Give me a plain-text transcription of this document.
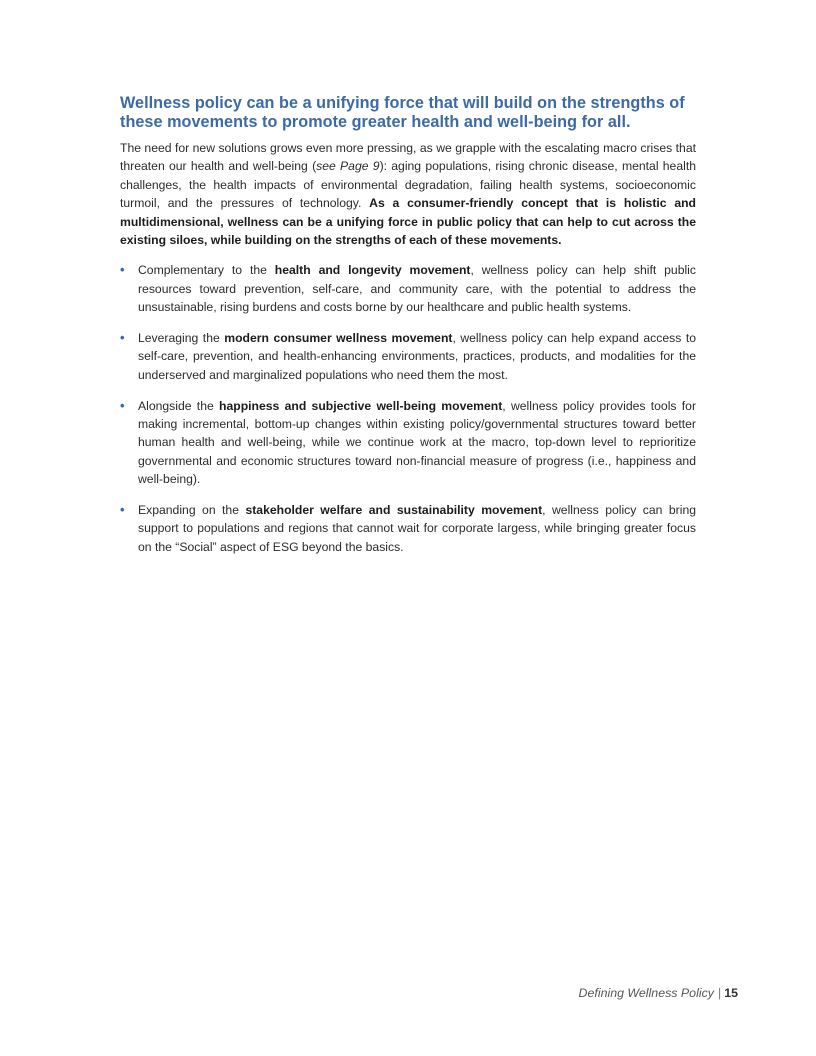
Wellness policy can be a unifying force that will build on the strengths of these movements to promote greater health and well-being for all.

The need for new solutions grows even more pressing, as we grapple with the escalating macro crises that threaten our health and well-being (see Page 9): aging populations, rising chronic disease, mental health challenges, the health impacts of environmental degradation, failing health systems, socioeconomic turmoil, and the pressures of technology. As a consumer-friendly concept that is holistic and multidimensional, wellness can be a unifying force in public policy that can help to cut across the existing siloes, while building on the strengths of each of these movements.

• Complementary to the health and longevity movement, wellness policy can help shift public resources toward prevention, self-care, and community care, with the potential to address the unsustainable, rising burdens and costs borne by our healthcare and public health systems.
• Leveraging the modern consumer wellness movement, wellness policy can help expand access to self-care, prevention, and health-enhancing environments, practices, products, and modalities for the underserved and marginalized populations who need them the most.
• Alongside the happiness and subjective well-being movement, wellness policy provides tools for making incremental, bottom-up changes within existing policy/governmental structures toward better human health and well-being, while we continue work at the macro, top-down level to reprioritize governmental and economic structures toward non-financial measure of progress (i.e., happiness and well-being).
• Expanding on the stakeholder welfare and sustainability movement, wellness policy can bring support to populations and regions that cannot wait for corporate largess, while bringing greater focus on the “Social” aspect of ESG beyond the basics.
Defining Wellness Policy | 15
